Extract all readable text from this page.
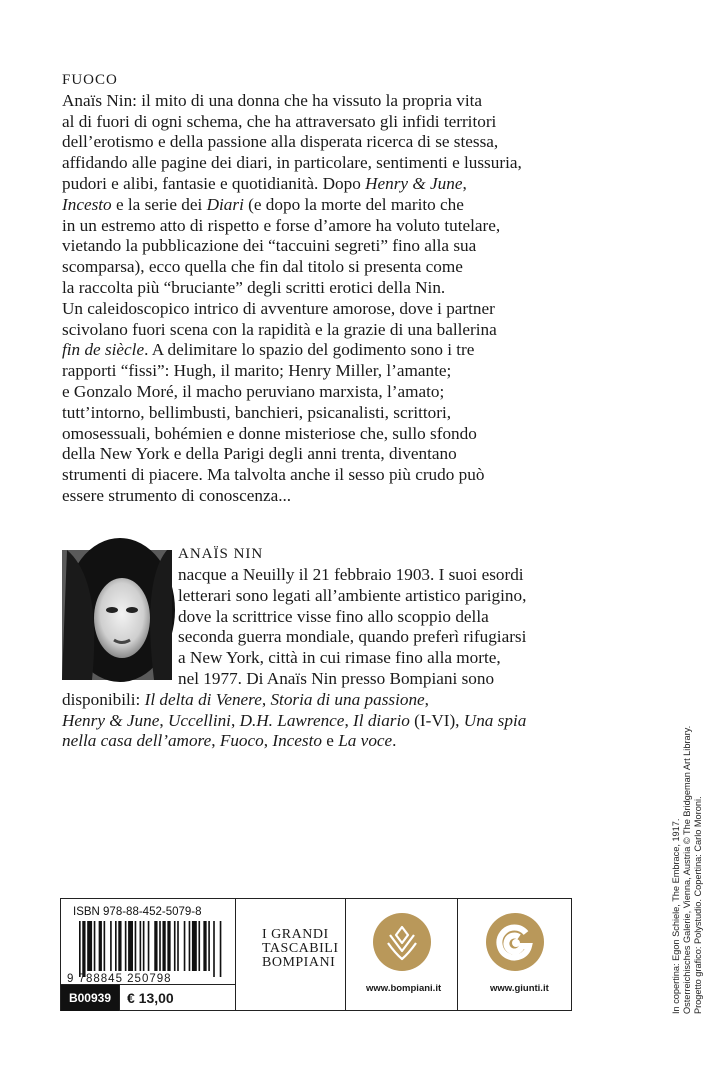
FUOCO
Anaïs Nin: il mito di una donna che ha vissuto la propria vita
al di fuori di ogni schema, che ha attraversato gli infidi territori
dell’erotismo e della passione alla disperata ricerca di se stessa,
affidando alle pagine dei diari, in particolare, sentimenti e lussuria,
pudori e alibi, fantasie e quotidianità. Dopo Henry & June,
Incesto e la serie dei Diari (e dopo la morte del marito che
in un estremo atto di rispetto e forse d’amore ha voluto tutelare,
vietando la pubblicazione dei “taccuini segreti” fino alla sua
scomparsa), ecco quella che fin dal titolo si presenta come
la raccolta più “bruciante” degli scritti erotici della Nin.
Un caleidoscopico intrico di avventure amorose, dove i partner
scivolano fuori scena con la rapidità e la grazie di una ballerina
fin de siècle. A delimitare lo spazio del godimento sono i tre
rapporti “fissi”: Hugh, il marito; Henry Miller, l’amante;
e Gonzalo Moré, il macho peruviano marxista, l’amato;
tutt’intorno, bellimbusti, banchieri, psicanalisti, scrittori,
omosessuali, bohémien e donne misteriose che, sullo sfondo
della New York e della Parigi degli anni trenta, diventano
strumenti di piacere. Ma talvolta anche il sesso più crudo può
essere strumento di conoscenza...
ANAÏS NIN
nacque a Neuilly il 21 febbraio 1903. I suoi esordi
letterari sono legati all’ambiente artistico parigino,
dove la scrittrice visse fino allo scoppio della
seconda guerra mondiale, quando preferì rifugiarsi
a New York, città in cui rimase fino alla morte,
nel 1977. Di Anaïs Nin presso Bompiani sono
disponibili: Il delta di Venere, Storia di una passione,
Henry & June, Uccellini, D.H. Lawrence, Il diario (I-VI), Una spia
nella casa dell’amore, Fuoco, Incesto e La voce.
In copertina: Egon Schiele, The Embrace, 1917. Osterreichisches Galerie, Vienna, Austria © The Bridgeman Art Library. Progetto grafico: Polystudio. Copertina: Carlo Moroni.
ISBN 978-88-452-5079-8
9 788845 250798
B00939	€ 13,00
I GRANDI
TASCABILI
BOMPIANI
www.bompiani.it	www.giunti.it
